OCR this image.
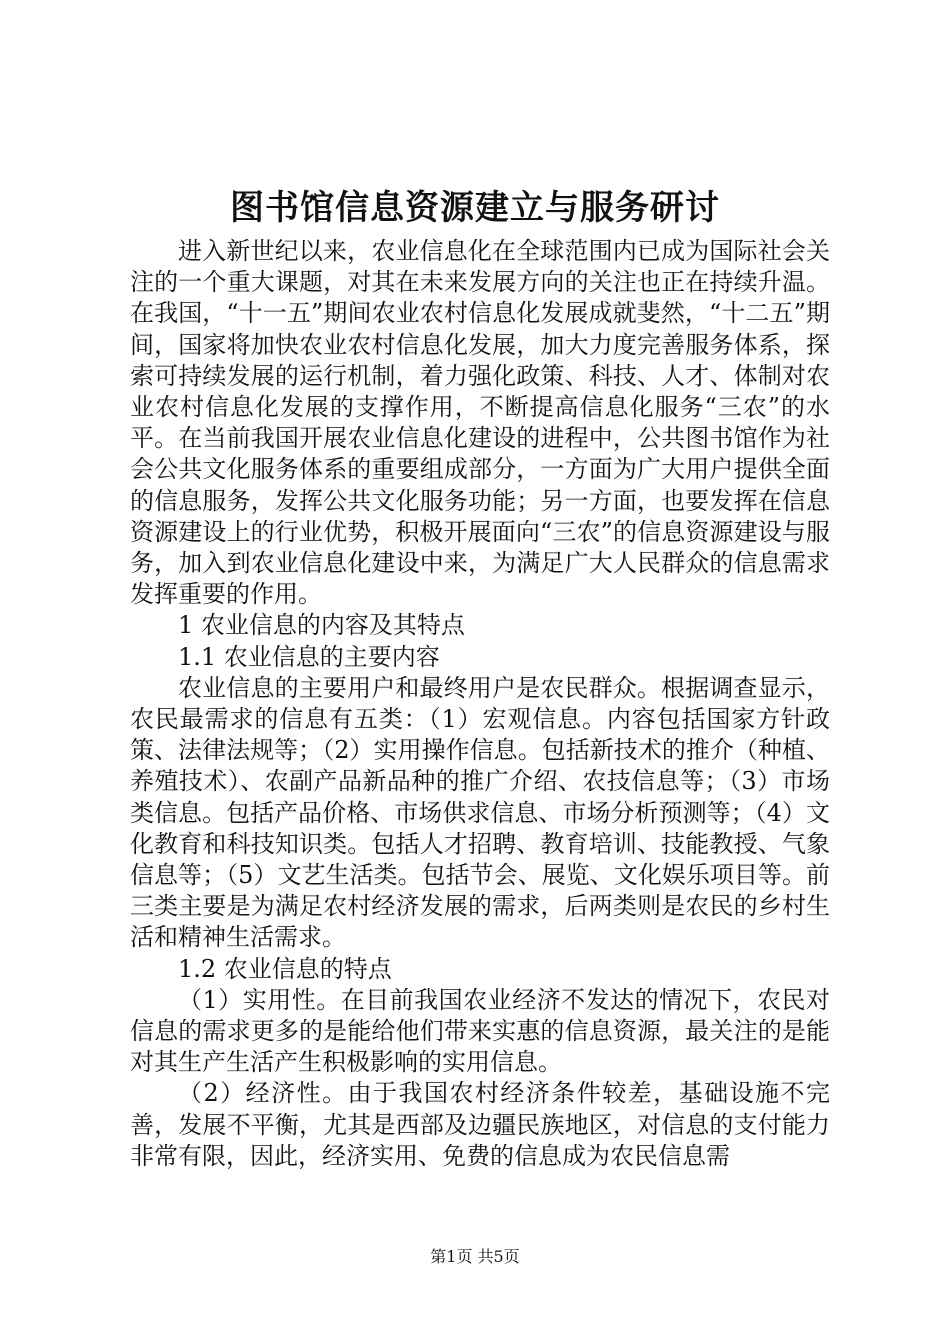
图书馆信息资源建立与服务研讨

进入新世纪以来，农业信息化在全球范围内已成为国际社会关注的一个重大课题，对其在未来发展方向的关注也正在持续升温。在我国，“十一五”期间农业农村信息化发展成就斐然，“十二五”期间，国家将加快农业农村信息化发展，加大力度完善服务体系，探索可持续发展的运行机制，着力强化政策、科技、人才、体制对农业农村信息化发展的支撑作用，不断提高信息化服务“三农”的水平。在当前我国开展农业信息化建设的进程中，公共图书馆作为社会公共文化服务体系的重要组成部分，一方面为广大用户提供全面的信息服务，发挥公共文化服务功能；另一方面，也要发挥在信息资源建设上的行业优势，积极开展面向“三农”的信息资源建设与服务，加入到农业信息化建设中来，为满足广大人民群众的信息需求发挥重要的作用。

1 农业信息的内容及其特点

1.1 农业信息的主要内容

农业信息的主要用户和最终用户是农民群众。根据调查显示，农民最需求的信息有五类：（1）宏观信息。内容包括国家方针政策、法律法规等；（2）实用操作信息。包括新技术的推介（种植、养殖技术）、农副产品新品种的推广介绍、农技信息等；（3）市场类信息。包括产品价格、市场供求信息、市场分析预测等；（4）文化教育和科技知识类。包括人才招聘、教育培训、技能教授、气象信息等；（5）文艺生活类。包括节会、展览、文化娱乐项目等。前三类主要是为满足农村经济发展的需求，后两类则是农民的乡村生活和精神生活需求。

1.2 农业信息的特点

（1）实用性。在目前我国农业经济不发达的情况下，农民对信息的需求更多的是能给他们带来实惠的信息资源，最关注的是能对其生产生活产生积极影响的实用信息。

（2）经济性。由于我国农村经济条件较差，基础设施不完善，发展不平衡，尤其是西部及边疆民族地区，对信息的支付能力非常有限，因此，经济实用、免费的信息成为农民信息需

第1页 共5页
